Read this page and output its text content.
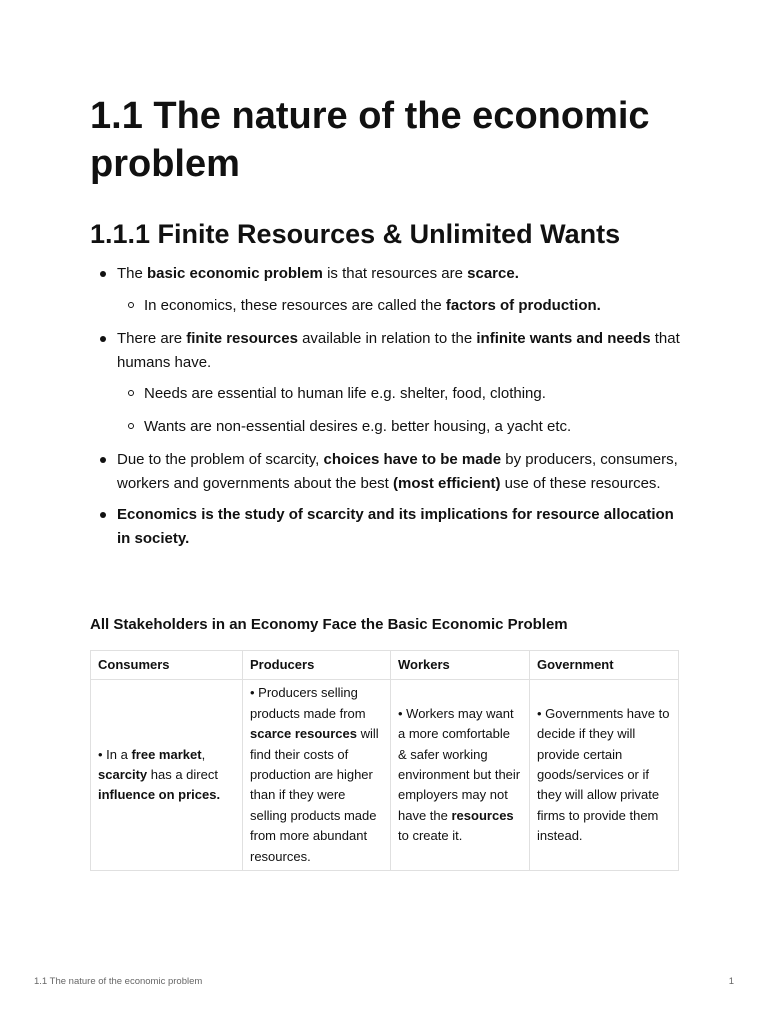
1.1 The nature of the economic problem
1.1.1 Finite Resources & Unlimited Wants
The basic economic problem is that resources are scarce.
In economics, these resources are called the factors of production.
There are finite resources available in relation to the infinite wants and needs that humans have.
Needs are essential to human life e.g. shelter, food, clothing.
Wants are non-essential desires e.g. better housing, a yacht etc.
Due to the problem of scarcity, choices have to be made by producers, consumers, workers and governments about the best (most efficient) use of these resources.
Economics is the study of scarcity and its implications for resource allocation in society.
All Stakeholders in an Economy Face the Basic Economic Problem
Consumers	Producers	Workers	Government
• In a free market, scarcity has a direct influence on prices.	• Producers selling products made from scarce resources will find their costs of production are higher than if they were selling products made from more abundant resources.	• Workers may want a more comfortable & safer working environment but their employers may not have the resources to create it.	• Governments have to decide if they will provide certain goods/services or if they will allow private firms to provide them instead.
1.1 The nature of the economic problem	1
